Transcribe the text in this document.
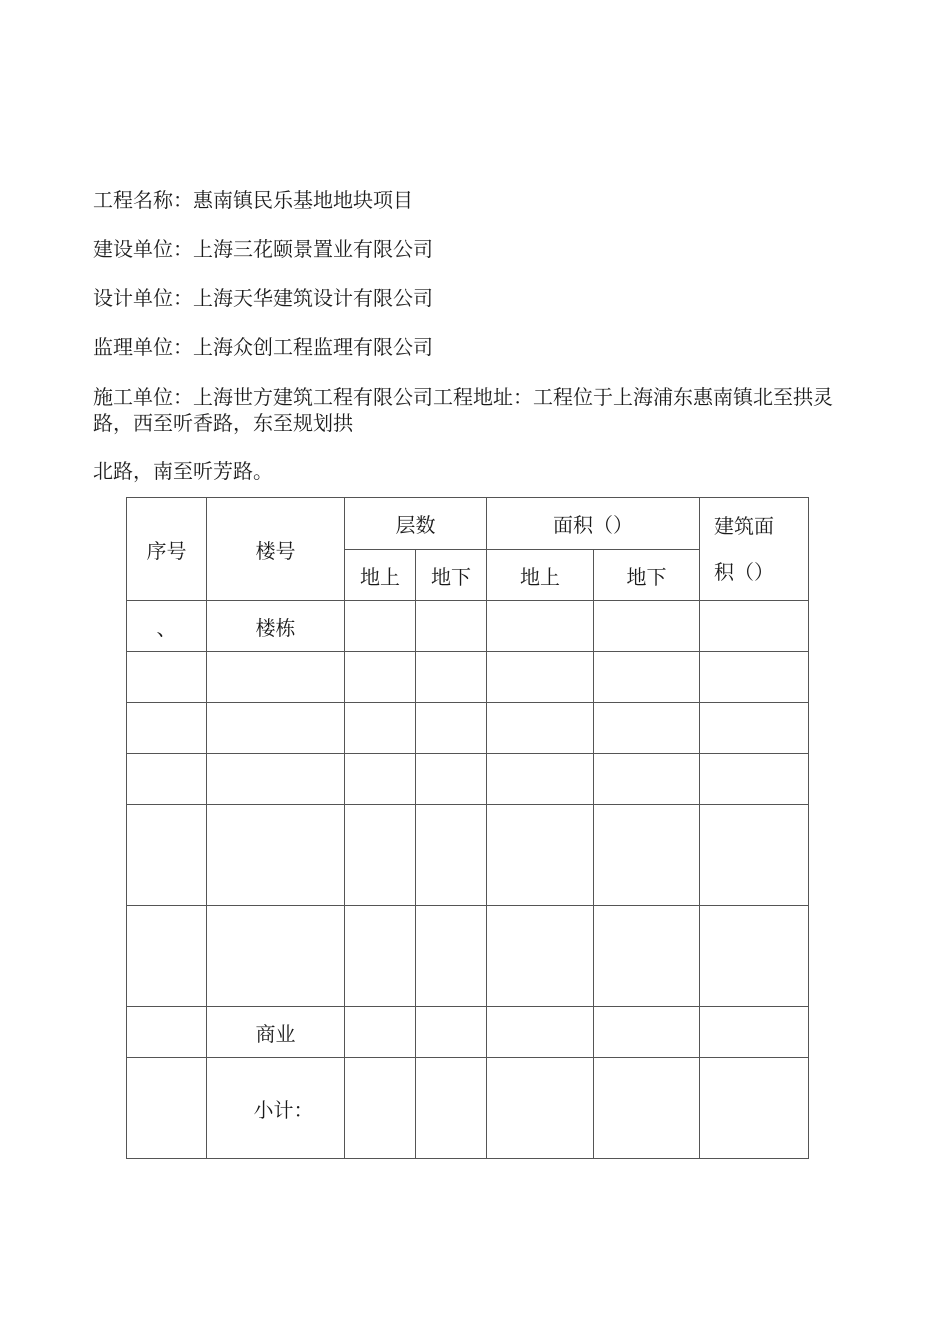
工程名称：惠南镇民乐基地地块项目
建设单位：上海三花颐景置业有限公司
设计单位：上海天华建筑设计有限公司
监理单位：上海众创工程监理有限公司
施工单位：上海世方建筑工程有限公司工程地址：工程位于上海浦东惠南镇北至拱灵路，西至听香路，东至规划拱
北路，南至听芳路。
序号	楼号	层数		面积（）		建筑面
积（）

		地上	地下	地上	地下	
、	楼栋					

	商业					
	小计：					
